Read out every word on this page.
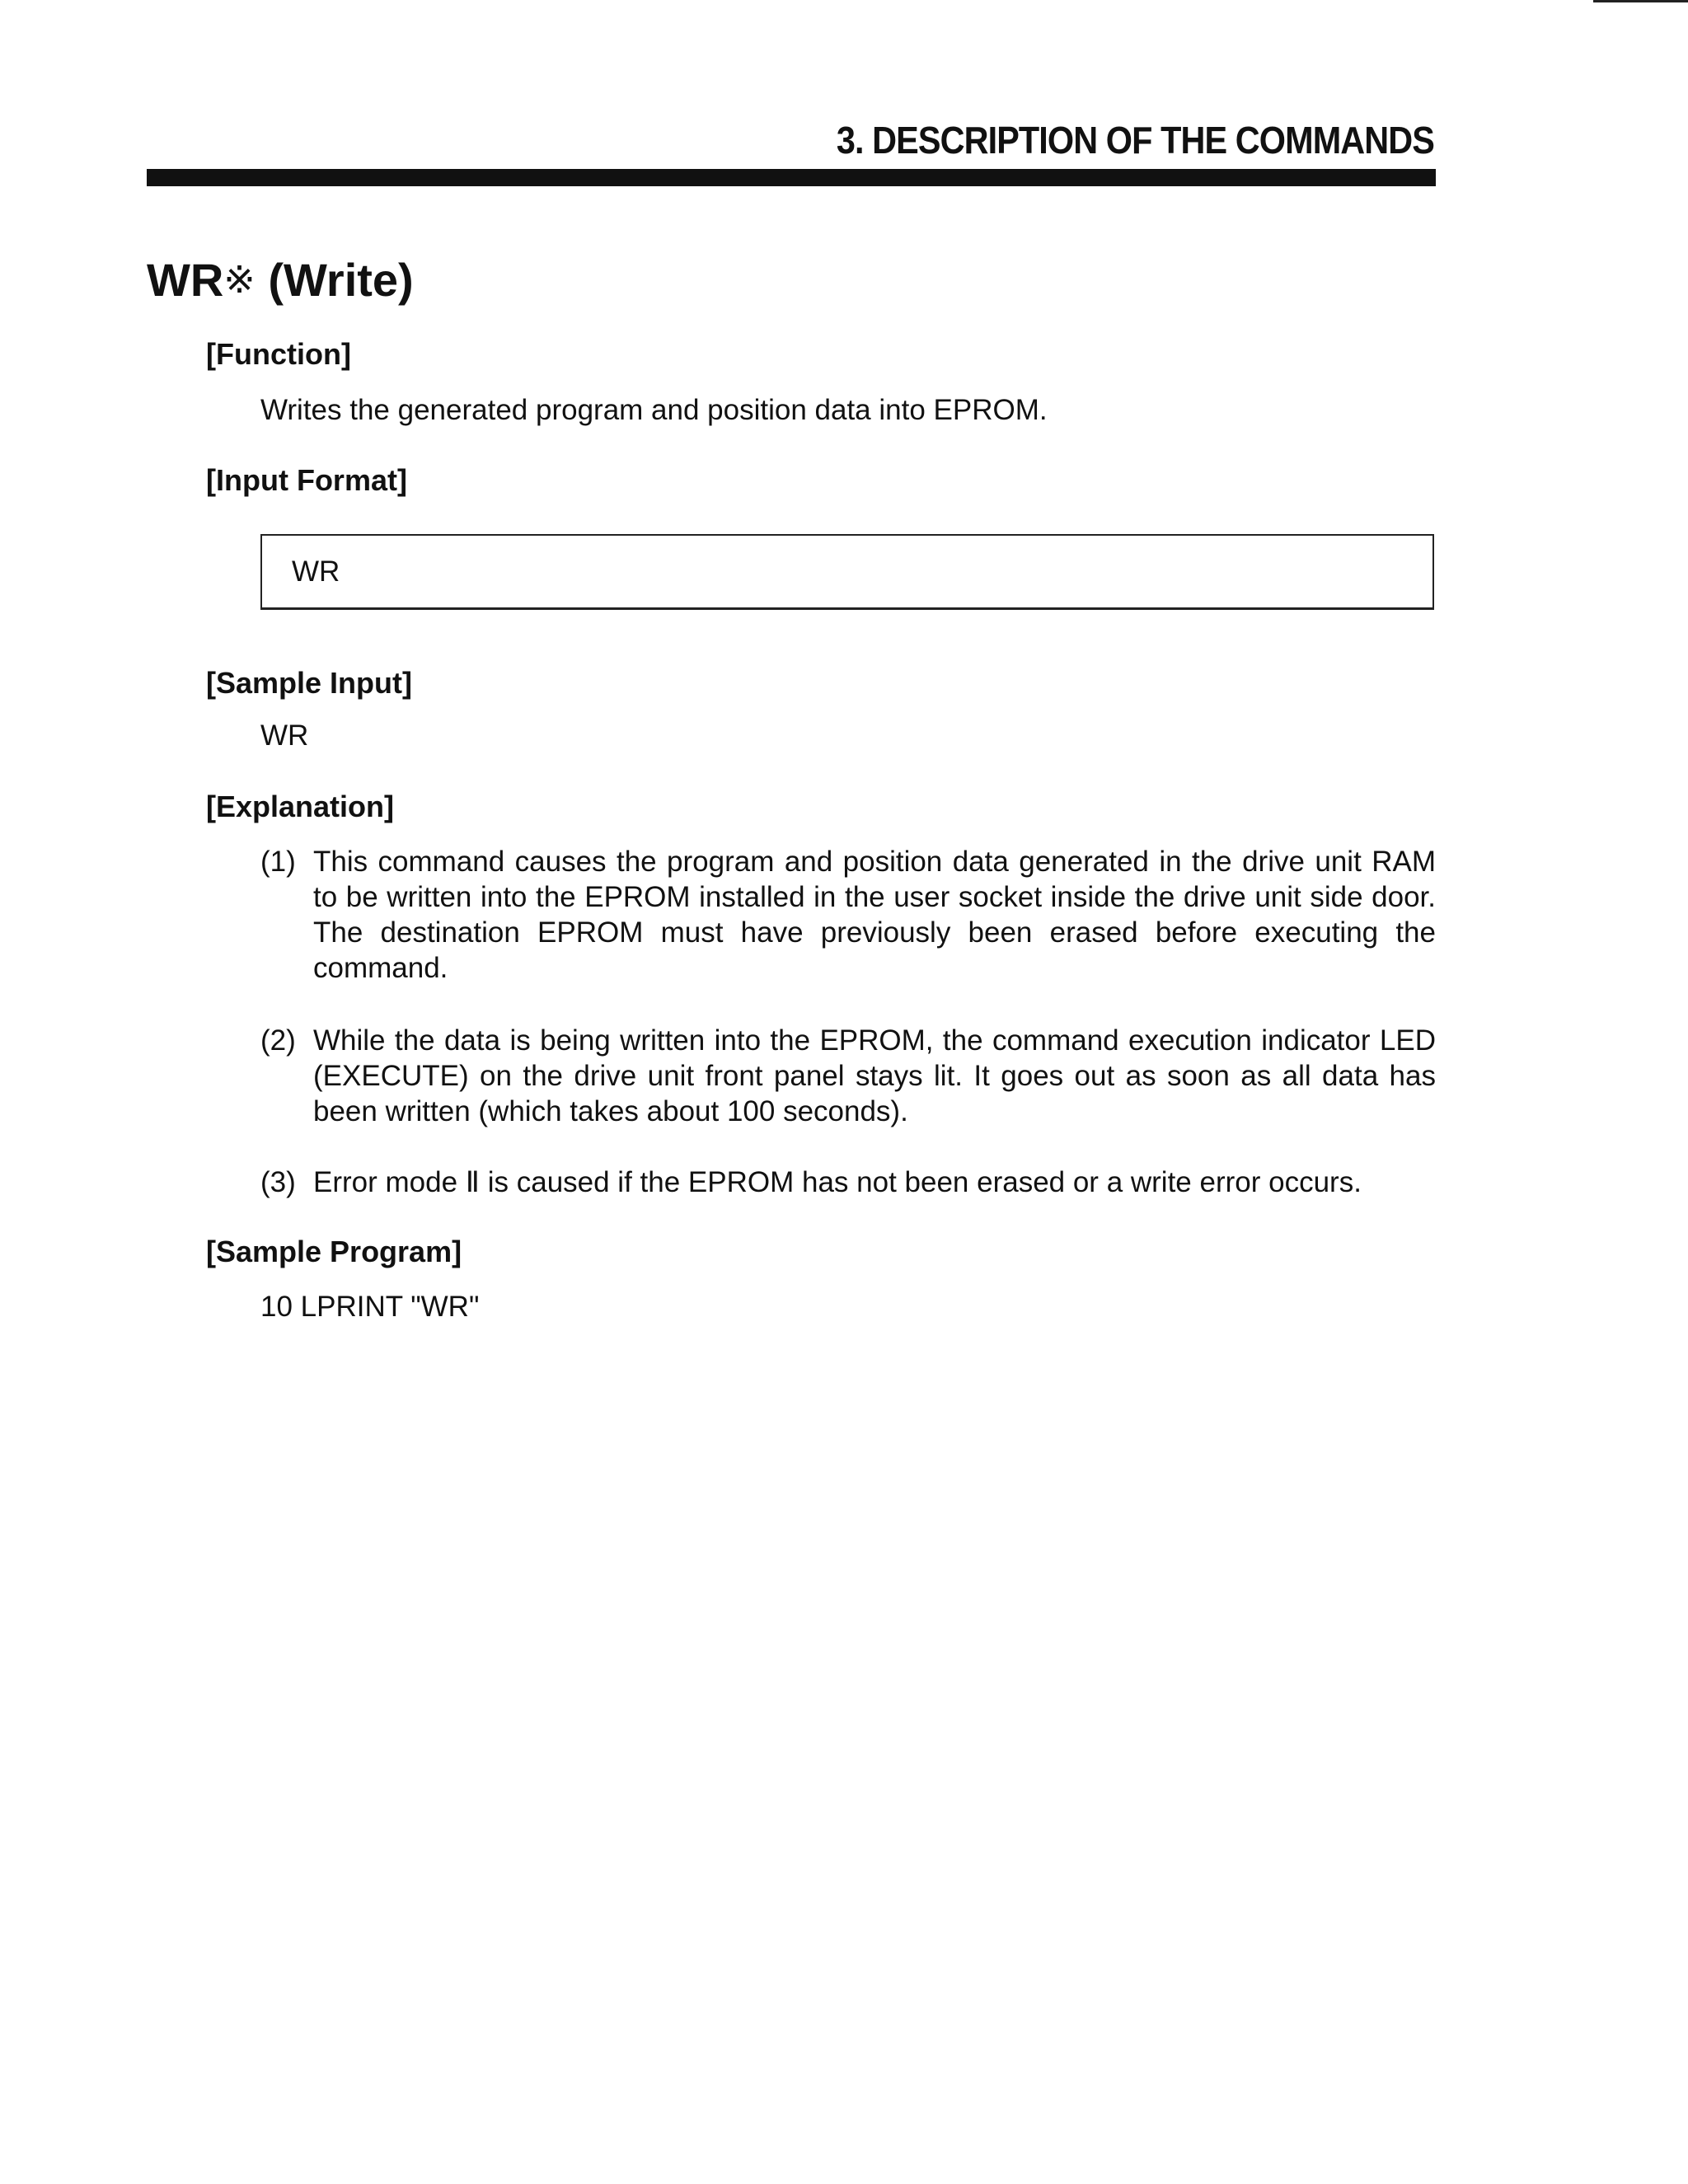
3. DESCRIPTION OF THE COMMANDS
WR※ (Write)
[Function]
Writes the generated program and position data into EPROM.
[Input Format]
WR
[Sample Input]
WR
[Explanation]
(1) This command causes the program and position data generated in the drive unit RAM to be written into the EPROM installed in the user socket inside the drive unit side door. The destination EPROM must have previously been erased before executing the command.
(2) While the data is being written into the EPROM, the command execution indicator LED (EXECUTE) on the drive unit front panel stays lit. It goes out as soon as all data has been written (which takes about 100 seconds).
(3) Error mode Ⅱ is caused if the EPROM has not been erased or a write error occurs.
[Sample Program]
10 LPRINT "WR"
